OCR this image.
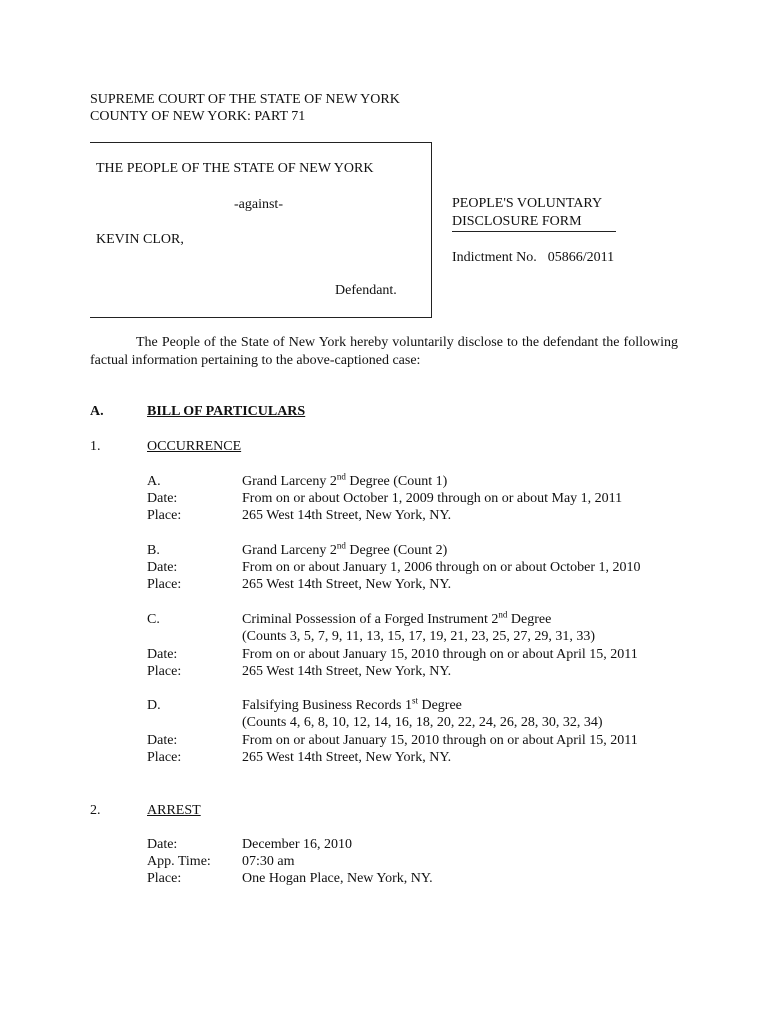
SUPREME COURT OF THE STATE OF NEW YORK
COUNTY OF NEW YORK: PART 71
THE PEOPLE OF THE STATE OF NEW YORK
-against-
KEVIN CLOR,
Defendant.
PEOPLE'S VOLUNTARY
DISCLOSURE FORM
Indictment No. 05866/2011
The People of the State of New York hereby voluntarily disclose to the defendant the following factual information pertaining to the above-captioned case:
A.	BILL OF PARTICULARS
1.	OCCURRENCE
A.	Grand Larceny 2nd Degree (Count 1)
Date:	From on or about October 1, 2009 through on or about May 1, 2011
Place:	265 West 14th Street, New York, NY.
B.	Grand Larceny 2nd Degree (Count 2)
Date:	From on or about January 1, 2006 through on or about October 1, 2010
Place:	265 West 14th Street, New York, NY.
C.	Criminal Possession of a Forged Instrument 2nd Degree
(Counts 3, 5, 7, 9, 11, 13, 15, 17, 19, 21, 23, 25, 27, 29, 31, 33)
Date:	From on or about January 15, 2010 through on or about April 15, 2011
Place:	265 West 14th Street, New York, NY.
D.	Falsifying Business Records 1st Degree
(Counts 4, 6, 8, 10, 12, 14, 16, 18, 20, 22, 24, 26, 28, 30, 32, 34)
Date:	From on or about January 15, 2010 through on or about April 15, 2011
Place:	265 West 14th Street, New York, NY.
2.	ARREST
Date:	December 16, 2010
App. Time: 07:30 am
Place:	One Hogan Place, New York, NY.
